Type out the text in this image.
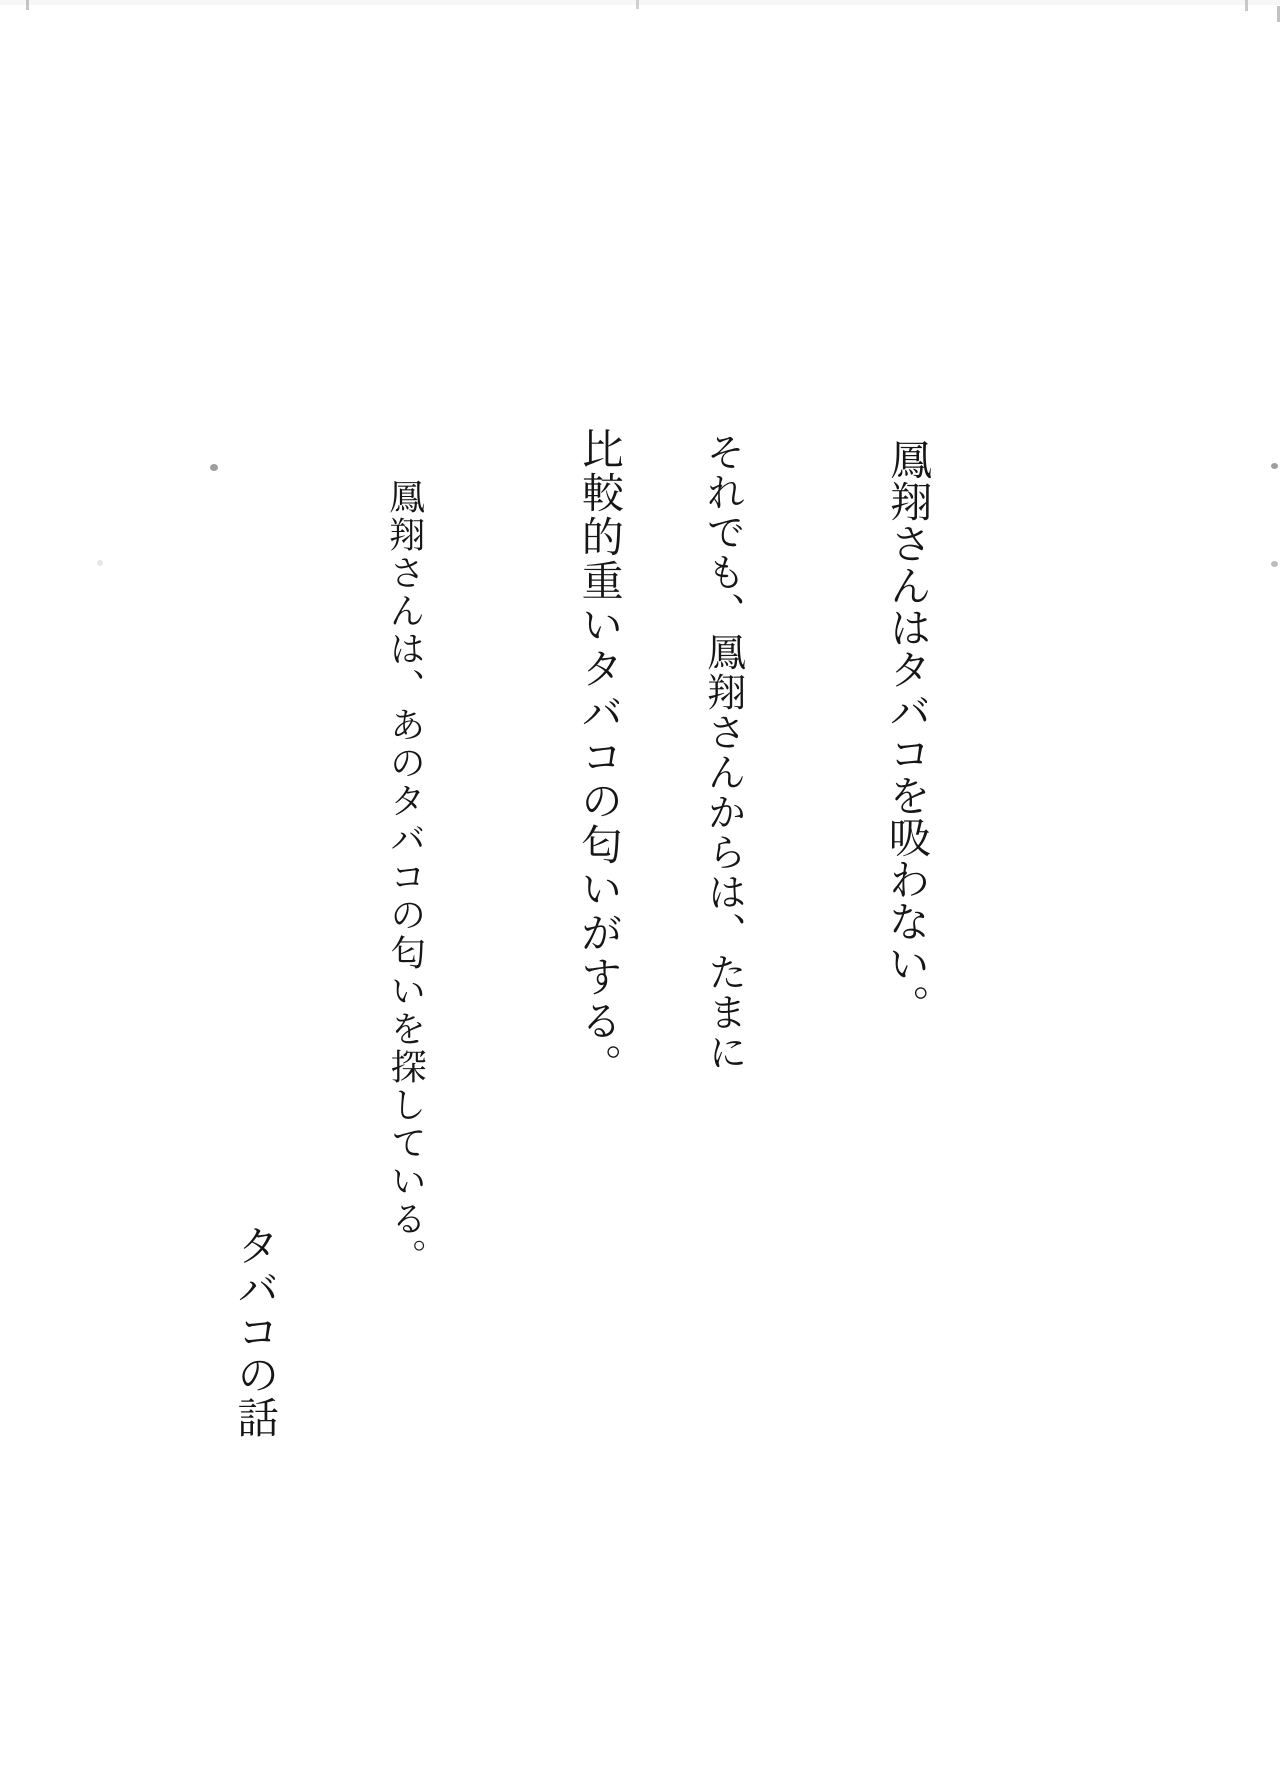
鳳翔さんはタバコを吸わない。
それでも、鳳翔さんからは、たまに
比較的重いタバコの匂いがする。
鳳翔さんは、あのタバコの匂いを探している。
タバコの話
